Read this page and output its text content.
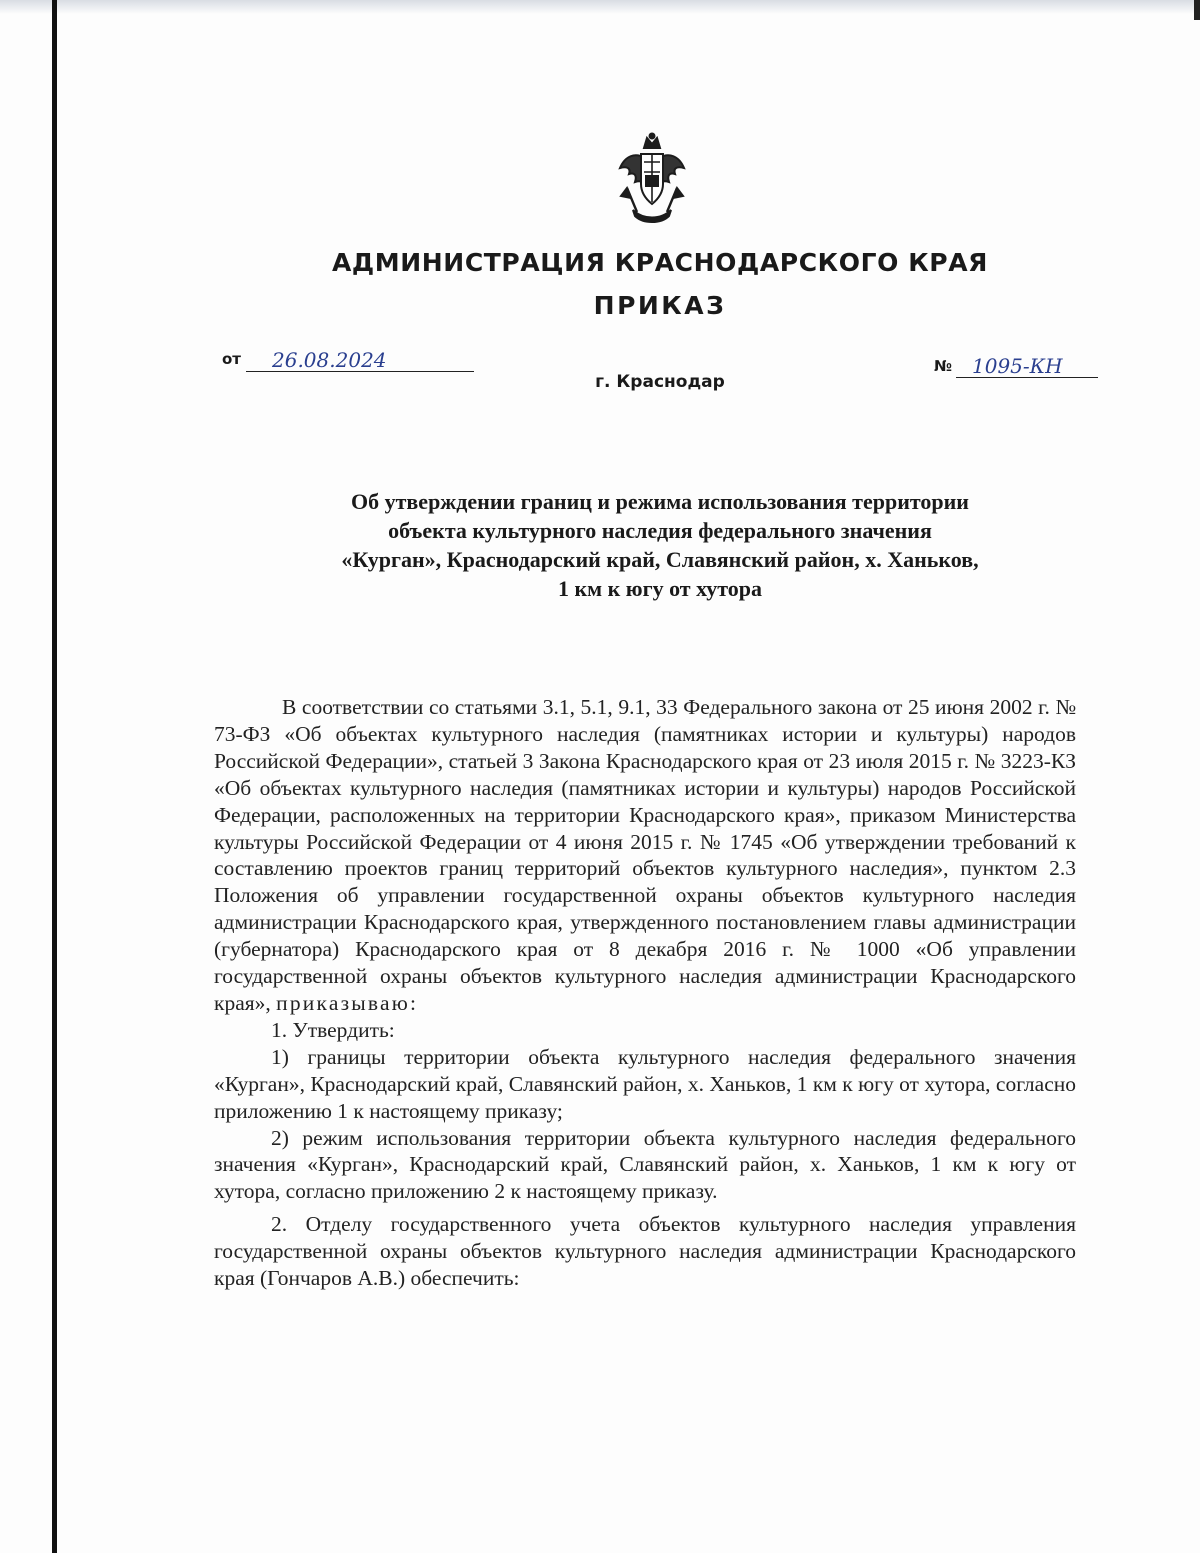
АДМИНИСТРАЦИЯ КРАСНОДАРСКОГО КРАЯ
ПРИКАЗ
от	26.08.2024	№ 1095-КН
г. Краснодар
Об утверждении границ и режима использования территории
объекта культурного наследия федерального значения
«Курган», Краснодарский край, Славянский район, х. Ханьков,
1 км к югу от хутора

В соответствии со статьями 3.1, 5.1, 9.1, 33 Федерального закона от 25 июня 2002 г. № 73-ФЗ «Об объектах культурного наследия (памятниках истории и культуры) народов Российской Федерации», статьей 3 Закона Краснодарского края от 23 июля 2015 г. № 3223-КЗ «Об объектах культурного наследия (памятниках истории и культуры) народов Российской Федерации, расположенных на территории Краснодарского края», приказом Министерства культуры Российской Федерации от 4 июня 2015 г. № 1745 «Об утверждении требований к составлению проектов границ территорий объектов культурного наследия», пунктом 2.3 Положения об управлении государственной охраны объектов культурного наследия администрации Краснодарского края, утвержденного постановлением главы администрации (губернатора) Краснодарского края от 8 декабря 2016 г. № 1000 «Об управлении государственной охраны объектов культурного наследия администрации Краснодарского края», приказываю:

1. Утвердить:

1) границы территории объекта культурного наследия федерального значения «Курган», Краснодарский край, Славянский район, х. Ханьков, 1 км к югу от хутора, согласно приложению 1 к настоящему приказу;

2) режим использования территории объекта культурного наследия федерального значения «Курган», Краснодарский край, Славянский район, х. Ханьков, 1 км к югу от хутора, согласно приложению 2 к настоящему приказу.

2. Отделу государственного учета объектов культурного наследия управления государственной охраны объектов культурного наследия администрации Краснодарского края (Гончаров А.В.) обеспечить:
